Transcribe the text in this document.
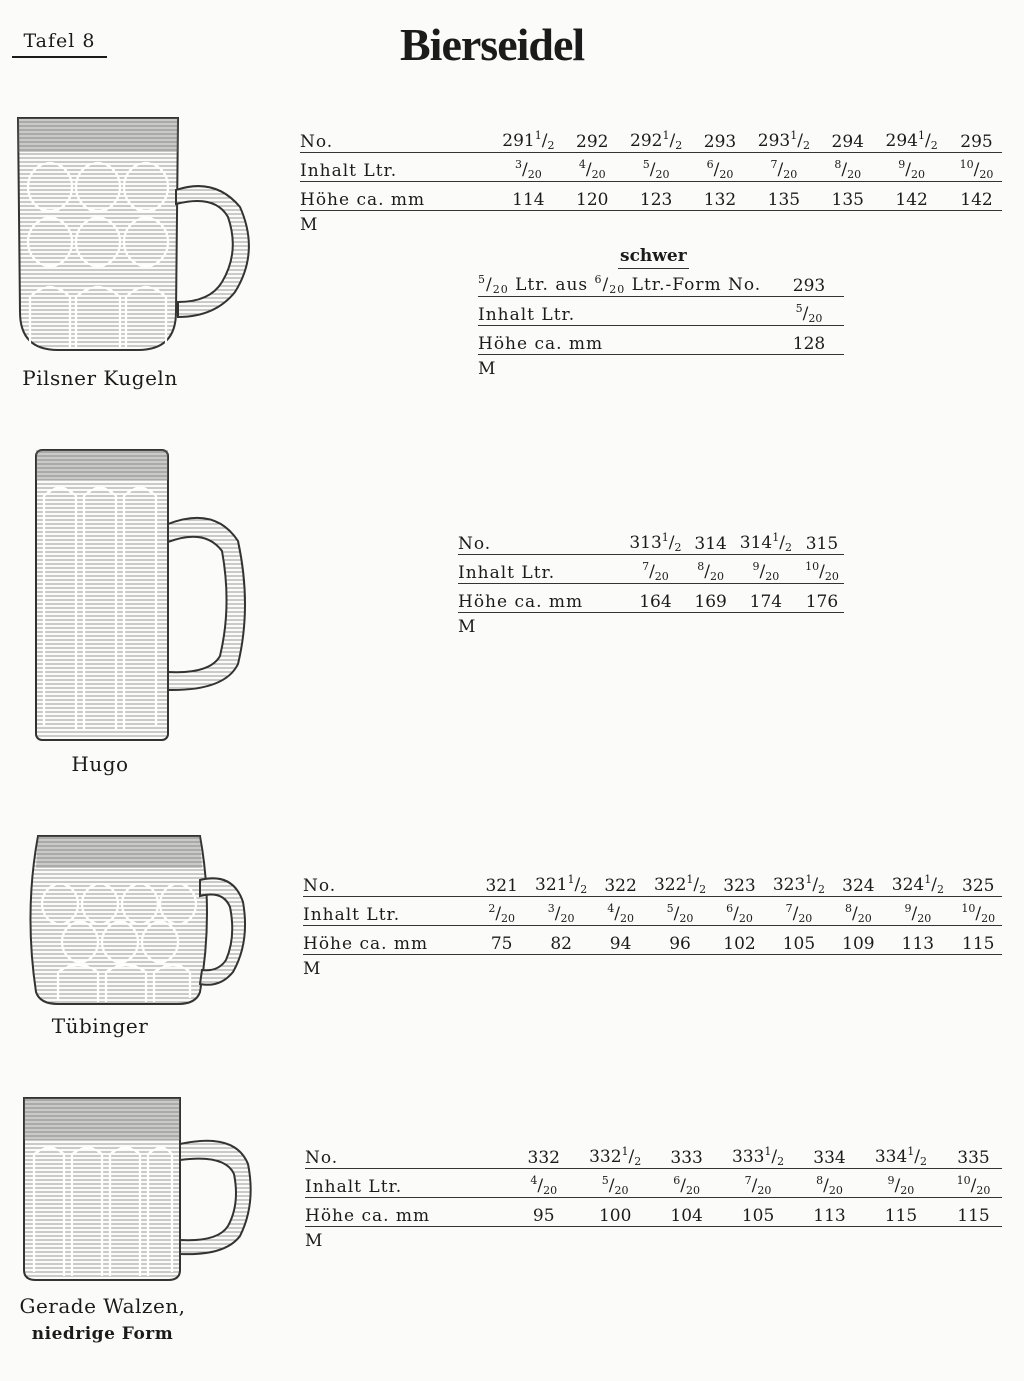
Tafel 8	Bierseidel
Pilsner Kugeln
No.	$291^1/_2$	292	$292^1/_2$	293	$293^1/_2$	294	$294^1/_2$	295
Inhalt Ltr.	$^3/_{20}$	$^4/_{20}$	$^5/_{20}$	$^6/_{20}$	$^7/_{20}$	$^8/_{20}$	$^9/_{20}$	$^{10}/_{20}$
Höhe ca. mm	114	120	123	132	135	135	142	142
M								
schwer
$^5/_{20}$ Ltr. aus $^6/_{20}$ Ltr.-Form No.	293
Inhalt Ltr.	$^5/_{20}$
Höhe ca. mm	128
M	
Hugo
No.	$313^1/_2$	314	$314^1/_2$	315
Inhalt Ltr.	$^7/_{20}$	$^8/_{20}$	$^9/_{20}$	$^{10}/_{20}$
Höhe ca. mm	164	169	174	176
M				
Tübinger
No.	321	$321^1/_2$	322	$322^1/_2$	323	$323^1/_2$	324	$324^1/_2$	325
Inhalt Ltr.	$^2/_{20}$	$^3/_{20}$	$^4/_{20}$	$^5/_{20}$	$^6/_{20}$	$^7/_{20}$	$^8/_{20}$	$^9/_{20}$	$^{10}/_{20}$
Höhe ca. mm	75	82	94	96	102	105	109	113	115
M									
Gerade Walzen,
niedrige Form
No.	332	$332^1/_2$	333	$333^1/_2$	334	$334^1/_2$	335
Inhalt Ltr.	$^4/_{20}$	$^5/_{20}$	$^6/_{20}$	$^7/_{20}$	$^8/_{20}$	$^9/_{20}$	$^{10}/_{20}$
Höhe ca. mm	95	100	104	105	113	115	115
M							
